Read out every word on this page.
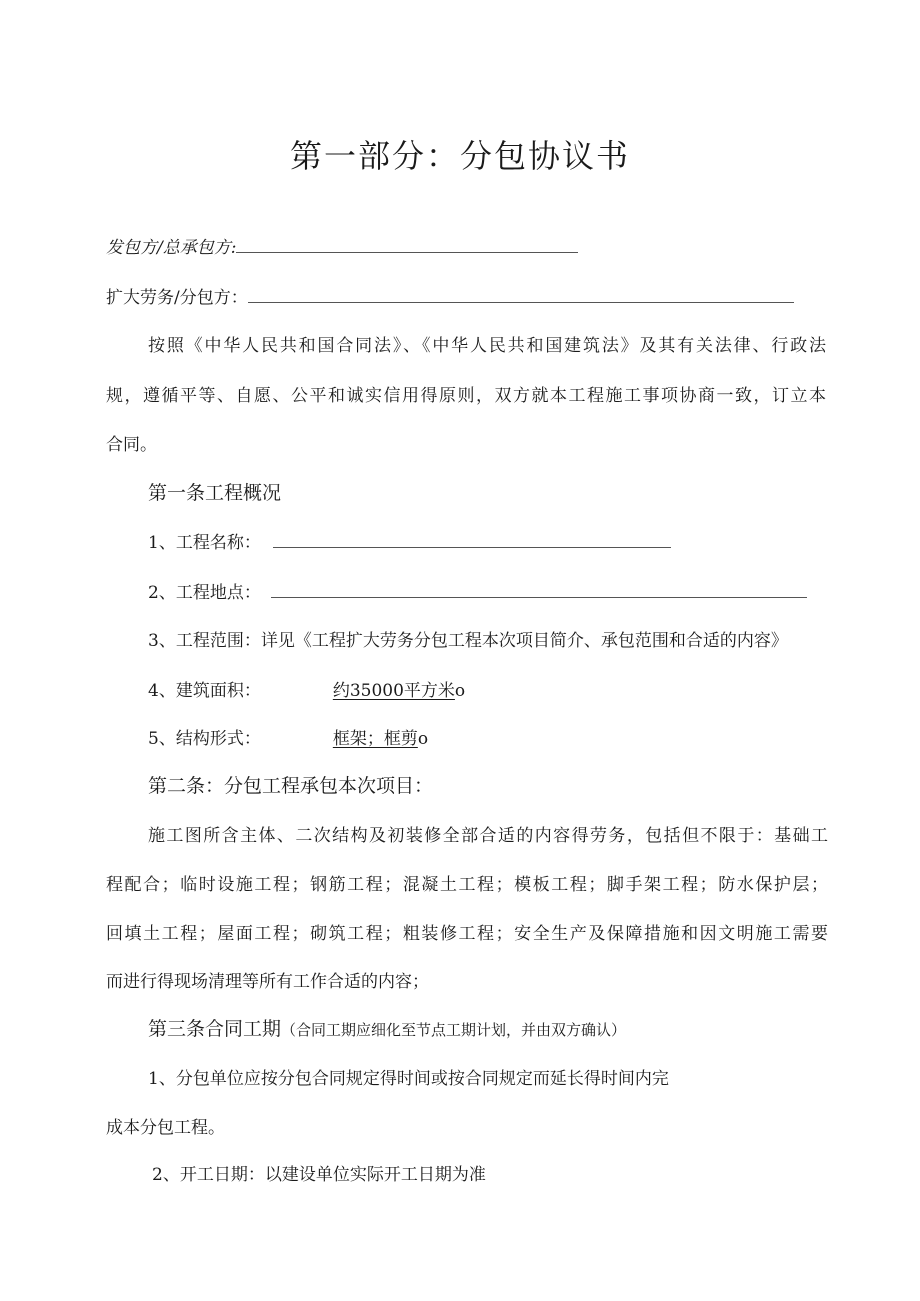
第一部分：分包协议书
发包方/总承包方:
扩大劳务/分包方：
按照《中华人民共和国合同法》、《中华人民共和国建筑法》及其有关法律、行政法
规，遵循平等、自愿、公平和诚实信用得原则，双方就本工程施工事项协商一致，订立本
合同。
第一条工程概况
1、工程名称：
2、工程地点：
3、工程范围：详见《工程扩大劳务分包工程本次项目简介、承包范围和合适的内容》
4、建筑面积：	约35000平方米o
5、结构形式：	框架；框剪o
第二条：分包工程承包本次项目：
施工图所含主体、二次结构及初装修全部合适的内容得劳务，包括但不限于：基础工
程配合；临时设施工程；钢筋工程；混凝土工程；模板工程；脚手架工程；防水保护层；
回填土工程；屋面工程；砌筑工程；粗装修工程；安全生产及保障措施和因文明施工需要
而进行得现场清理等所有工作合适的内容；
第三条合同工期（合同工期应细化至节点工期计划，并由双方确认）
1、分包单位应按分包合同规定得时间或按合同规定而延长得时间内完
成本分包工程。
2、开工日期：以建设单位实际开工日期为准
